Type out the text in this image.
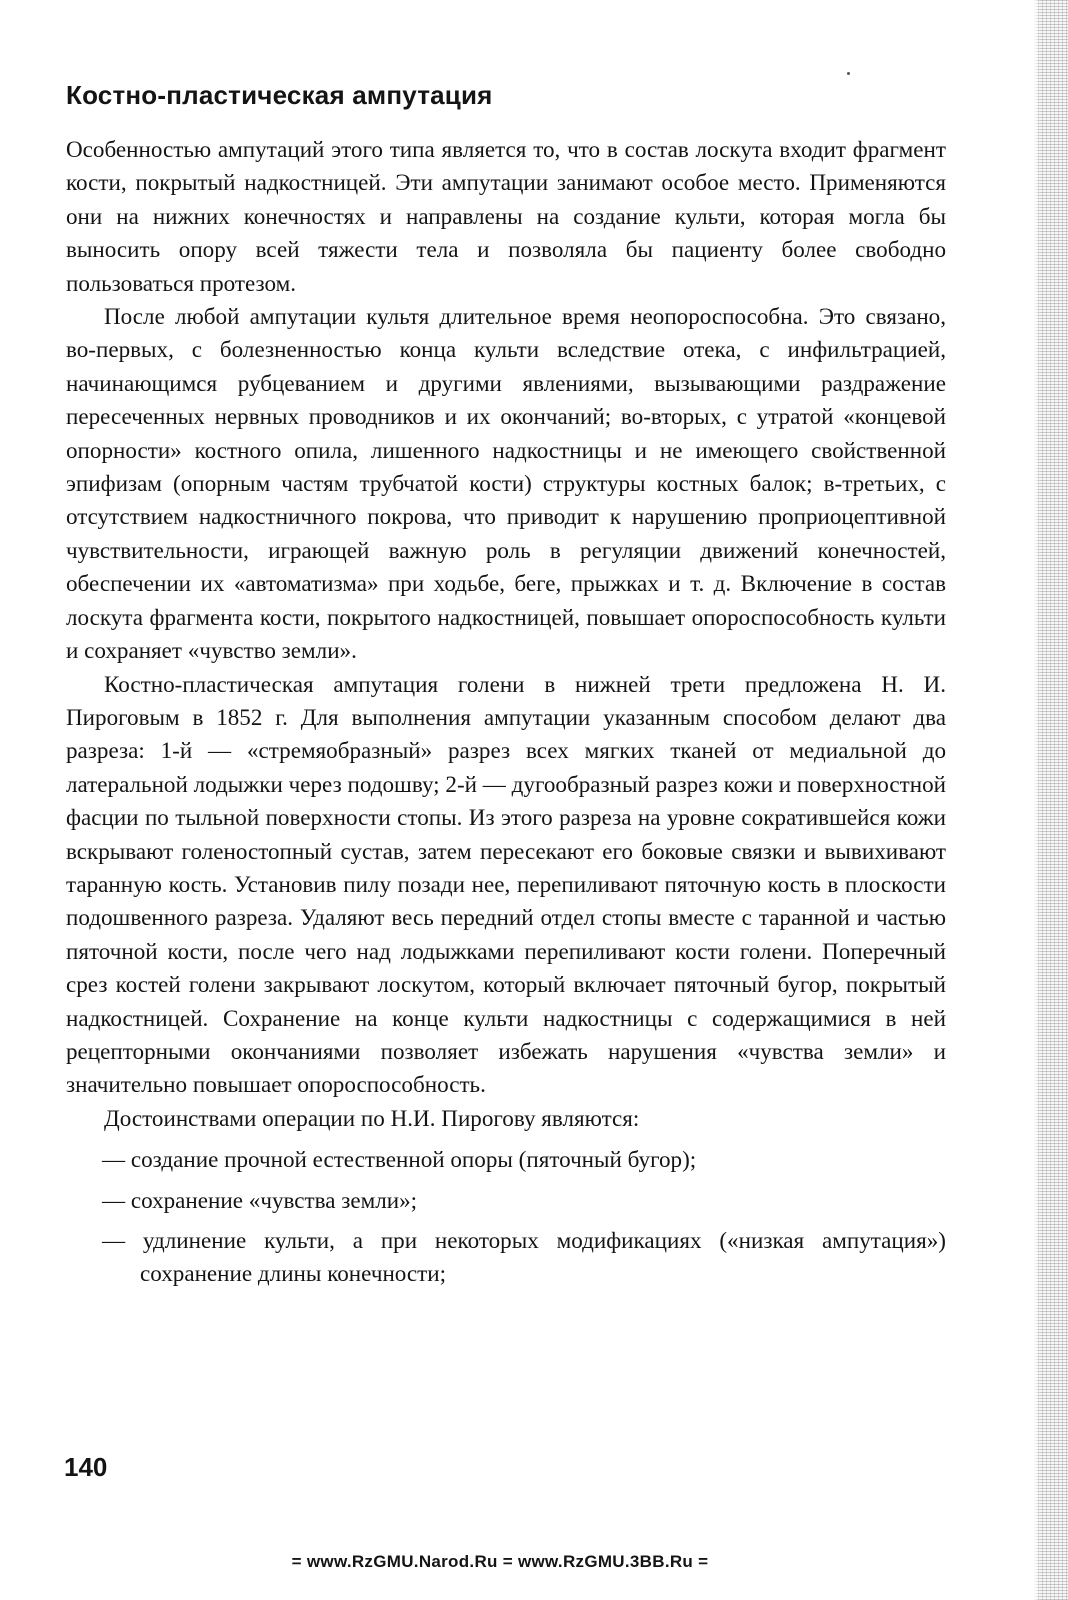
Костно-пластическая ампутация

Особенностью ампутаций этого типа является то, что в состав лоскута входит фрагмент кости, покрытый надкостницей. Эти ампутации занимают особое место. Применяются они на нижних конечностях и направлены на создание культи, которая могла бы выносить опору всей тяжести тела и позволяла бы пациенту более свободно пользоваться протезом.

После любой ампутации культя длительное время неопороспособна. Это связано, во-первых, с болезненностью конца культи вследствие отека, с инфильтрацией, начинающимся рубцеванием и другими явлениями, вызывающими раздражение пересеченных нервных проводников и их окончаний; во-вторых, с утратой «концевой опорности» костного опила, лишенного надкостницы и не имеющего свойственной эпифизам (опорным частям трубчатой кости) структуры костных балок; в-третьих, с отсутствием надкостничного покрова, что приводит к нарушению проприоцептивной чувствительности, играющей важную роль в регуляции движений конечностей, обеспечении их «автоматизма» при ходьбе, беге, прыжках и т. д. Включение в состав лоскута фрагмента кости, покрытого надкостницей, повышает опороспособность культи и сохраняет «чувство земли».

Костно-пластическая ампутация голени в нижней трети предложена Н. И. Пироговым в 1852 г. Для выполнения ампутации указанным способом делают два разреза: 1-й — «стремяобразный» разрез всех мягких тканей от медиальной до латеральной лодыжки через подошву; 2-й — дугообразный разрез кожи и поверхностной фасции по тыльной поверхности стопы. Из этого разреза на уровне сократившейся кожи вскрывают голеностопный сустав, затем пересекают его боковые связки и вывихивают таранную кость. Установив пилу позади нее, перепиливают пяточную кость в плоскости подошвенного разреза. Удаляют весь передний отдел стопы вместе с таранной и частью пяточной кости, после чего над лодыжками перепиливают кости голени. Поперечный срез костей голени закрывают лоскутом, который включает пяточный бугор, покрытый надкостницей. Сохранение на конце культи надкостницы с содержащимися в ней рецепторными окончаниями позволяет избежать нарушения «чувства земли» и значительно повышает опороспособность.

Достоинствами операции по Н.И. Пирогову являются:

— создание прочной естественной опоры (пяточный бугор);
— сохранение «чувства земли»;
— удлинение культи, а при некоторых модификациях («низкая ампутация») сохранение длины конечности;
140
= www.RzGMU.Narod.Ru = www.RzGMU.3BB.Ru =
